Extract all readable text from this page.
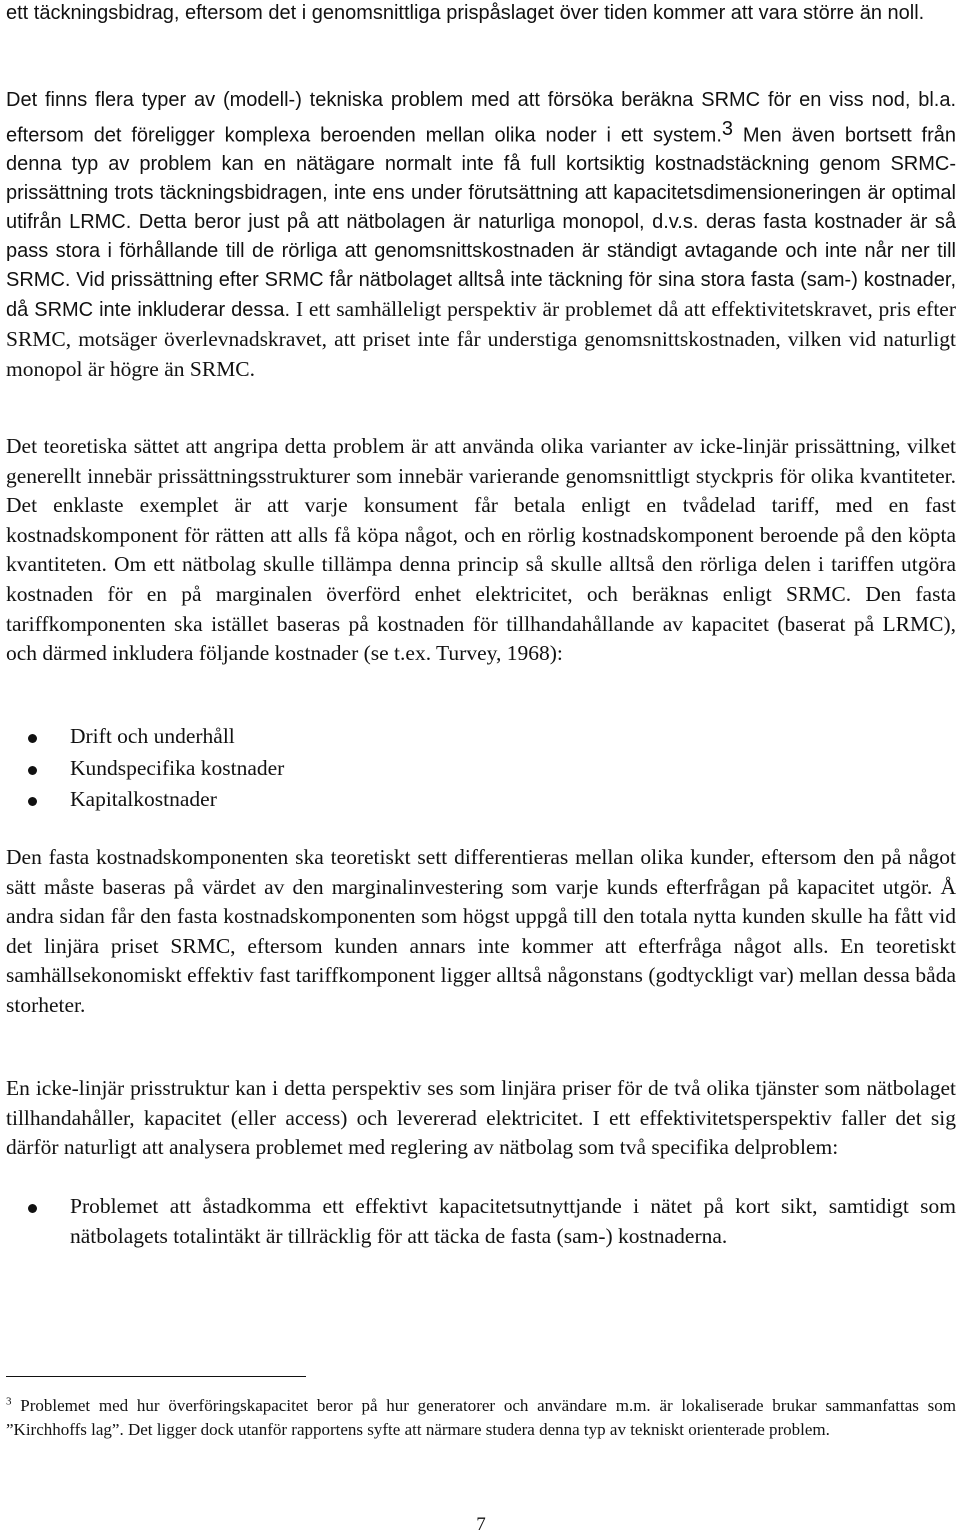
ett täckningsbidrag, eftersom det i genomsnittliga prispåslaget över tiden kommer att vara större än noll.

Det finns flera typer av (modell-) tekniska problem med att försöka beräkna SRMC för en viss nod, bl.a. eftersom det föreligger komplexa beroenden mellan olika noder i ett system.$^3$ Men även bortsett från denna typ av problem kan en nätägare normalt inte få full kortsiktig kostnadstäckning genom SRMC-prissättning trots täckningsbidragen, inte ens under förutsättning att kapacitetsdimensioneringen är optimal utifrån LRMC. Detta beror just på att nätbolagen är naturliga monopol, d.v.s. deras fasta kostnader är så pass stora i förhållande till de rörliga att genomsnittskostnaden är ständigt avtagande och inte når ner till SRMC. Vid prissättning efter SRMC får nätbolaget alltså inte täckning för sina stora fasta (sam-) kostnader, då SRMC inte inkluderar dessa. I ett samhälleligt perspektiv är problemet då att effektivitetskravet, pris efter SRMC, motsäger överlevnadskravet, att priset inte får understiga genomsnittskostnaden, vilken vid naturligt monopol är högre än SRMC.

Det teoretiska sättet att angripa detta problem är att använda olika varianter av icke-linjär prissättning, vilket generellt innebär prissättningsstrukturer som innebär varierande genomsnittligt styckpris för olika kvantiteter. Det enklaste exemplet är att varje konsument får betala enligt en tvådelad tariff, med en fast kostnadskomponent för rätten att alls få köpa något, och en rörlig kostnadskomponent beroende på den köpta kvantiteten. Om ett nätbolag skulle tillämpa denna princip så skulle alltså den rörliga delen i tariffen utgöra kostnaden för en på marginalen överförd enhet elektricitet, och beräknas enligt SRMC. Den fasta tariffkomponenten ska istället baseras på kostnaden för tillhandahållande av kapacitet (baserat på LRMC), och därmed inkludera följande kostnader (se t.ex. Turvey, 1968):

Drift och underhåll
Kundspecifika kostnader
Kapitalkostnader

Den fasta kostnadskomponenten ska teoretiskt sett differentieras mellan olika kunder, eftersom den på något sätt måste baseras på värdet av den marginalinvestering som varje kunds efterfrågan på kapacitet utgör. Å andra sidan får den fasta kostnadskomponenten som högst uppgå till den totala nytta kunden skulle ha fått vid det linjära priset SRMC, eftersom kunden annars inte kommer att efterfråga något alls. En teoretiskt samhällsekonomiskt effektiv fast tariffkomponent ligger alltså någonstans (godtyckligt var) mellan dessa båda storheter.

En icke-linjär prisstruktur kan i detta perspektiv ses som linjära priser för de två olika tjänster som nätbolaget tillhandahåller, kapacitet (eller access) och levererad elektricitet. I ett effektivitetsperspektiv faller det sig därför naturligt att analysera problemet med reglering av nätbolag som två specifika delproblem:

Problemet att åstadkomma ett effektivt kapacitetsutnyttjande i nätet på kort sikt, samtidigt som nätbolagets totalintäkt är tillräcklig för att täcka de fasta (sam-) kostnaderna.

$^3$ Problemet med hur överföringskapacitet beror på hur generatorer och användare m.m. är lokaliserade brukar sammanfattas som ”Kirchhoffs lag”. Det ligger dock utanför rapportens syfte att närmare studera denna typ av tekniskt orienterade problem.

7
